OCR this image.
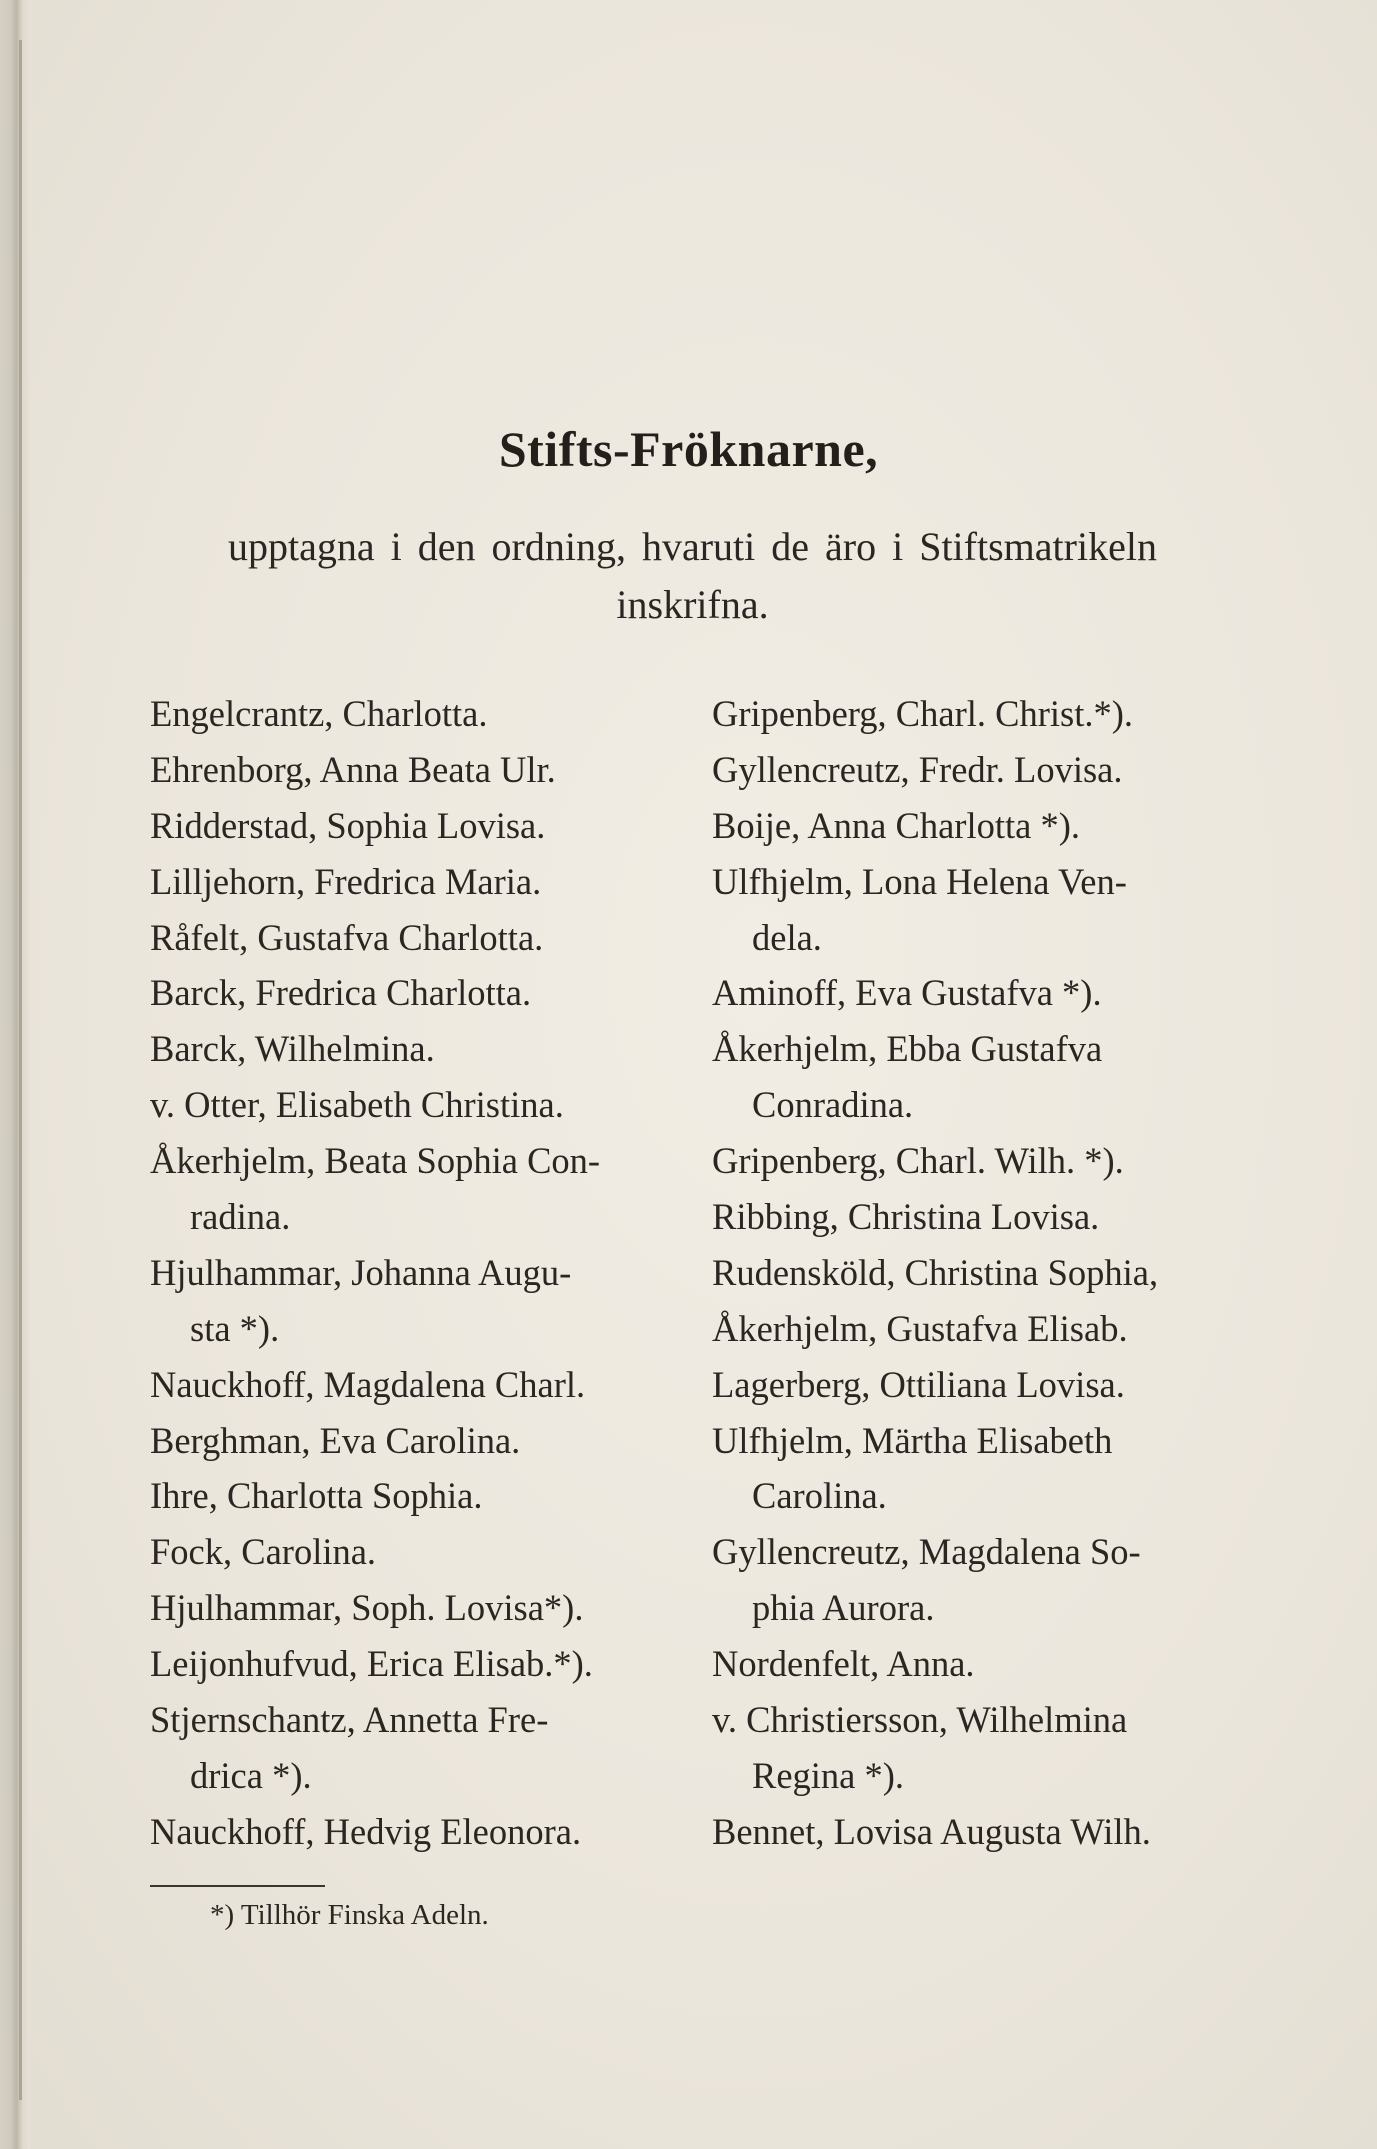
Stifts-Fröknarne,
upptagna i den ordning, hvaruti de äro i Stiftsmatrikeln inskrifna.
Engelcrantz, Charlotta.
Ehrenborg, Anna Beata Ulr.
Ridderstad, Sophia Lovisa.
Lilljehorn, Fredrica Maria.
Råfelt, Gustafva Charlotta.
Barck, Fredrica Charlotta.
Barck, Wilhelmina.
v. Otter, Elisabeth Christina.
Åkerhjelm, Beata Sophia Con-
radina.
Hjulhammar, Johanna Augu-
sta *).
Nauckhoff, Magdalena Charl.
Berghman, Eva Carolina.
Ihre, Charlotta Sophia.
Fock, Carolina.
Hjulhammar, Soph. Lovisa*).
Leijonhufvud, Erica Elisab.*).
Stjernschantz, Annetta Fre-
drica *).
Nauckhoff, Hedvig Eleonora.
Gripenberg, Charl. Christ.*).
Gyllencreutz, Fredr. Lovisa.
Boije, Anna Charlotta *).
Ulfhjelm, Lona Helena Ven-
dela.
Aminoff, Eva Gustafva *).
Åkerhjelm, Ebba Gustafva
Conradina.
Gripenberg, Charl. Wilh. *).
Ribbing, Christina Lovisa.
Rudensköld, Christina Sophia,
Åkerhjelm, Gustafva Elisab.
Lagerberg, Ottiliana Lovisa.
Ulfhjelm, Märtha Elisabeth
Carolina.
Gyllencreutz, Magdalena So-
phia Aurora.
Nordenfelt, Anna.
v. Christiersson, Wilhelmina
Regina *).
Bennet, Lovisa Augusta Wilh.
*) Tillhör Finska Adeln.
